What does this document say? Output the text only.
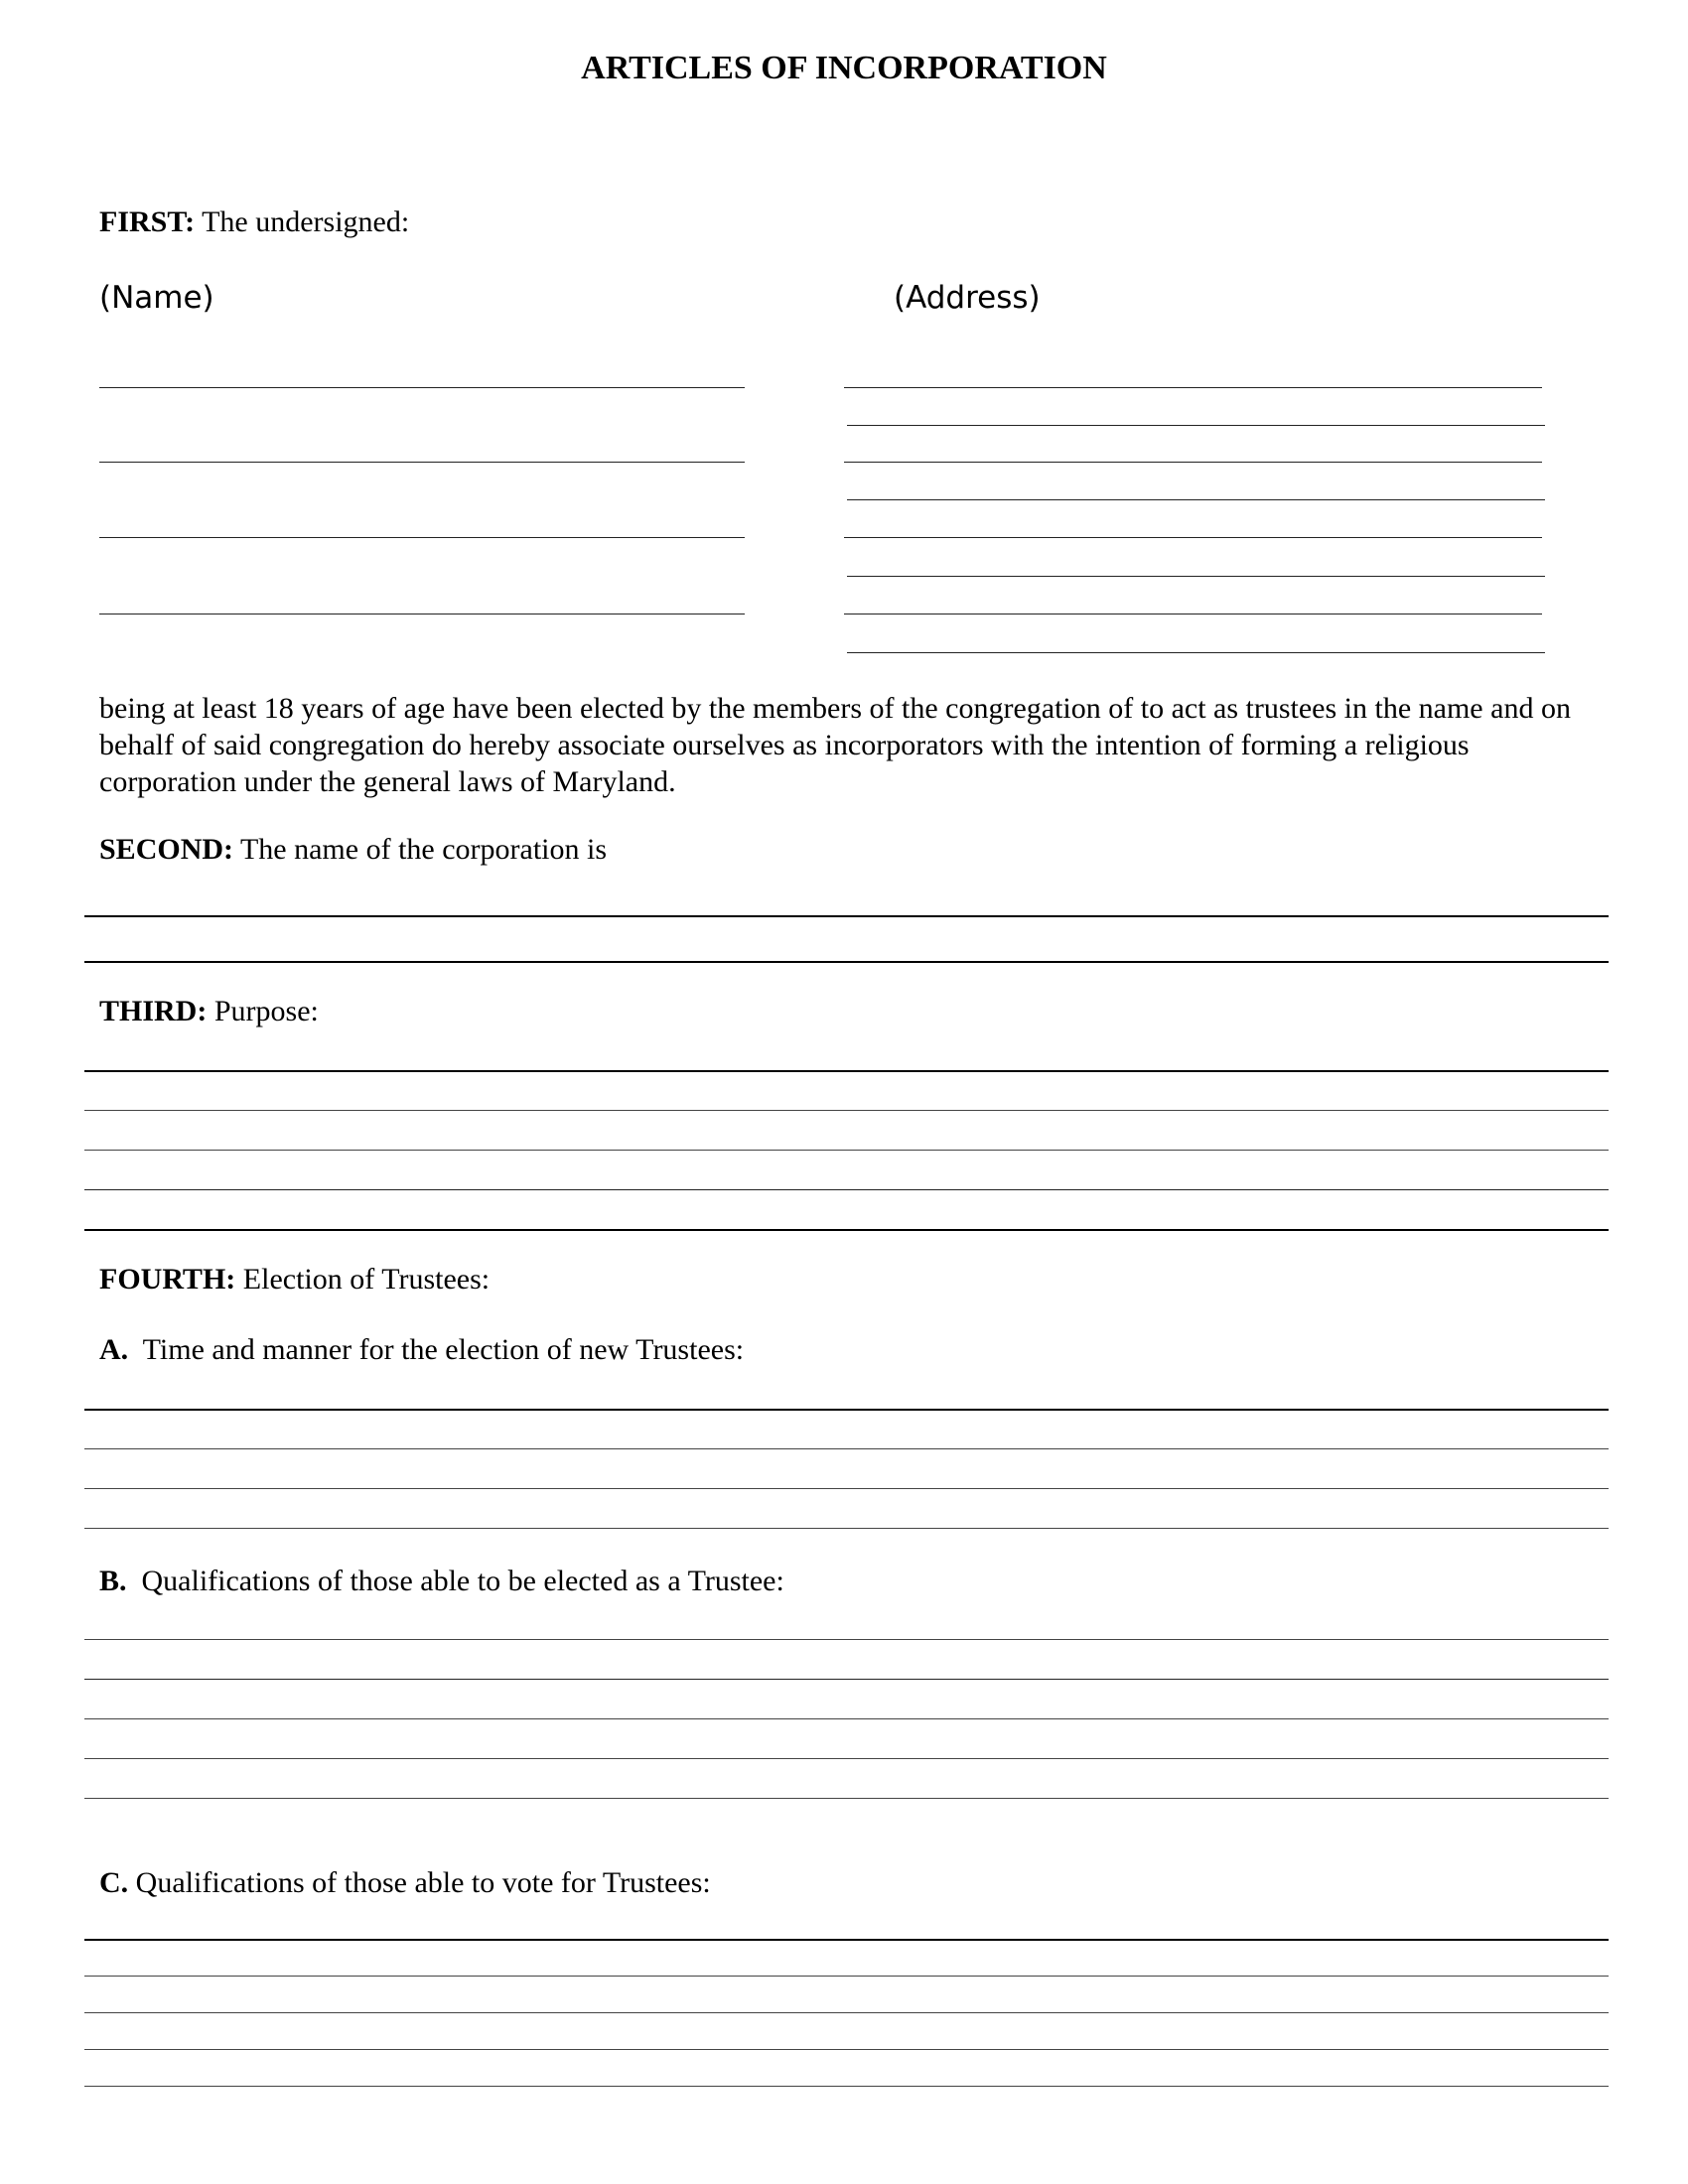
ARTICLES OF INCORPORATION
FIRST: The undersigned:
(Name)	(Address)
being at least 18 years of age have been elected by the members of the congregation of to act as trustees in the name and on behalf of said congregation do hereby associate ourselves as incorporators with the intention of forming a religious corporation under the general laws of Maryland.
SECOND: The name of the corporation is
THIRD: Purpose:
FOURTH: Election of Trustees:
A.  Time and manner for the election of new Trustees:
B.  Qualifications of those able to be elected as a Trustee:
C. Qualifications of those able to vote for Trustees:
